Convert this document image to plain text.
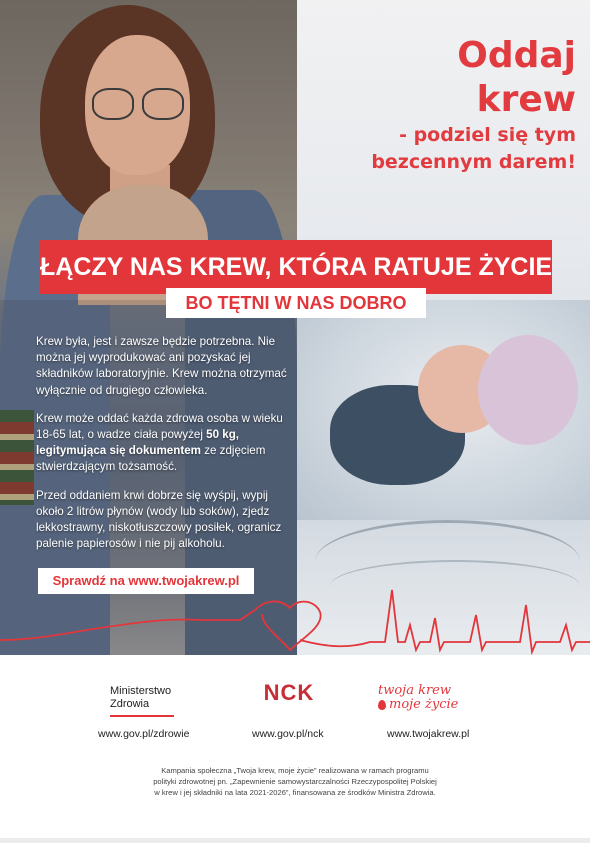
Oddaj
krew
- podziel się tym
bezcennym darem!
ŁĄCZY NAS KREW, KTÓRA RATUJE ŻYCIE
BO TĘTNI W NAS DOBRO

Krew była, jest i zawsze będzie potrzebna. Nie można jej wyprodukować ani pozyskać jej składników laboratoryjnie. Krew można otrzymać wyłącznie od drugiego człowieka.

Krew może oddać każda zdrowa osoba w wieku 18-65 lat, o wadze ciała powyżej 50 kg, legitymująca się dokumentem ze zdjęciem stwierdzającym tożsamość.

Przed oddaniem krwi dobrze się wyśpij, wypij około 2 litrów płynów (wody lub soków), zjedz lekkostrawny, niskotłuszczowy posiłek, ogranicz palenie papierosów i nie pij alkoholu.

Sprawdź na www.twojakrew.pl
Ministerstwo
Zdrowia	NCK
	twoja krew
moje życie
www.gov.pl/zdrowie	www.gov.pl/nck	www.twojakrew.pl
Kampania społeczna „Twoja krew, moje życie” realizowana w ramach programu
polityki zdrowotnej pn. „Zapewnienie samowystarczalności Rzeczypospolitej Polskiej
w krew i jej składniki na lata 2021-2026”, finansowana ze środków Ministra Zdrowia.
